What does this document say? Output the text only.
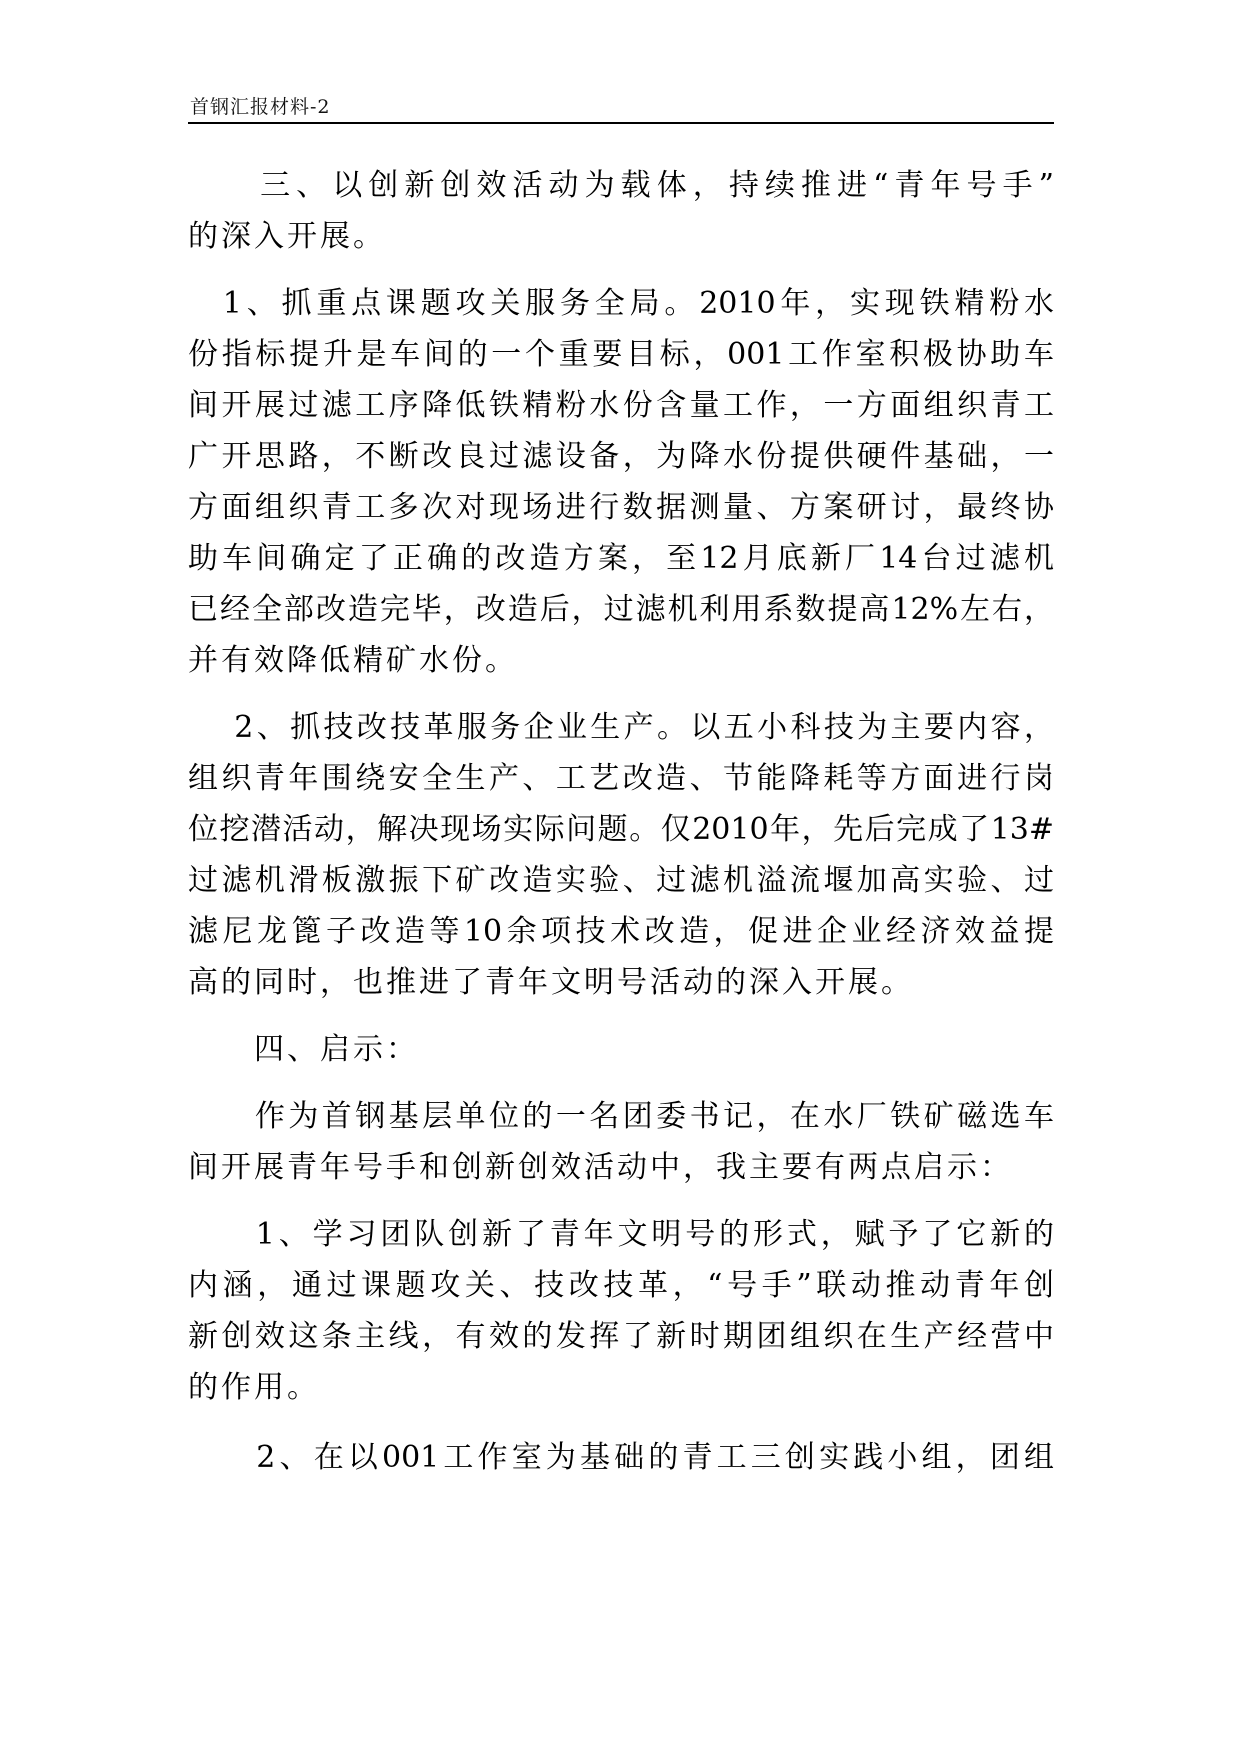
首钢汇报材料-2
　　三、以创新创效活动为载体，持续推进“青年号手”
的深入开展。
　1、抓重点课题攻关服务全局。2010年，实现铁精粉水
份指标提升是车间的一个重要目标，001工作室积极协助车
间开展过滤工序降低铁精粉水份含量工作，一方面组织青工
广开思路，不断改良过滤设备，为降水份提供硬件基础，一
方面组织青工多次对现场进行数据测量、方案研讨，最终协
助车间确定了正确的改造方案，至12月底新厂14台过滤机
已经全部改造完毕，改造后，过滤机利用系数提高12%左右，
并有效降低精矿水份。
　 2、抓技改技革服务企业生产。以五小科技为主要内容，
组织青年围绕安全生产、工艺改造、节能降耗等方面进行岗
位挖潜活动，解决现场实际问题。仅2010年，先后完成了13#
过滤机滑板激振下矿改造实验、过滤机溢流堰加高实验、过
滤尼龙篦子改造等10余项技术改造，促进企业经济效益提
高的同时，也推进了青年文明号活动的深入开展。
　　四、启示：
　　作为首钢基层单位的一名团委书记，在水厂铁矿磁选车
间开展青年号手和创新创效活动中，我主要有两点启示：
　　1、学习团队创新了青年文明号的形式，赋予了它新的
内涵，通过课题攻关、技改技革，“号手”联动推动青年创
新创效这条主线，有效的发挥了新时期团组织在生产经营中
的作用。
　　2、在以001工作室为基础的青工三创实践小组，团组
